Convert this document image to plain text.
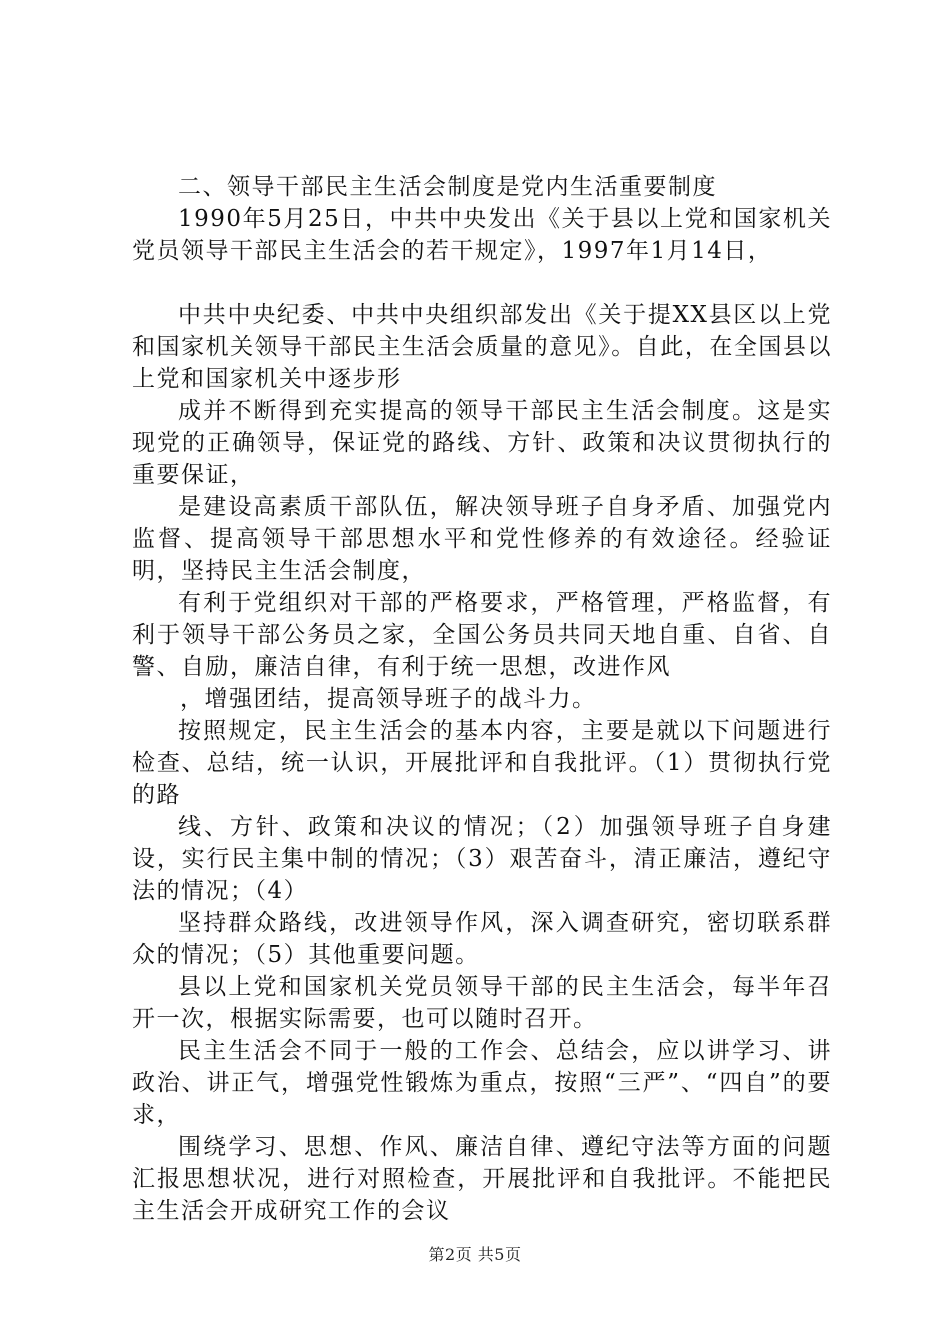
二、领导干部民主生活会制度是党内生活重要制度

1990年5月25日，中共中央发出《关于县以上党和国家机关党员领导干部民主生活会的若干规定》，1997年1月14日，

中共中央纪委、中共中央组织部发出《关于提XX县区以上党和国家机关领导干部民主生活会质量的意见》。自此，在全国县以上党和国家机关中逐步形

成并不断得到充实提高的领导干部民主生活会制度。这是实现党的正确领导，保证党的路线、方针、政策和决议贯彻执行的重要保证，

是建设高素质干部队伍，解决领导班子自身矛盾、加强党内监督、提高领导干部思想水平和党性修养的有效途径。经验证明，坚持民主生活会制度，

有利于党组织对干部的严格要求，严格管理，严格监督，有利于领导干部公务员之家，全国公务员共同天地自重、自省、自警、自励，廉洁自律，有利于统一思想，改进作风

，增强团结，提高领导班子的战斗力。

按照规定，民主生活会的基本内容，主要是就以下问题进行检查、总结，统一认识，开展批评和自我批评。（1）贯彻执行党的路

线、方针、政策和决议的情况；（2）加强领导班子自身建设，实行民主集中制的情况；（3）艰苦奋斗，清正廉洁，遵纪守法的情况；（4）

坚持群众路线，改进领导作风，深入调查研究，密切联系群众的情况；（5）其他重要问题。

县以上党和国家机关党员领导干部的民主生活会，每半年召开一次，根据实际需要，也可以随时召开。

民主生活会不同于一般的工作会、总结会，应以讲学习、讲政治、讲正气，增强党性锻炼为重点，按照“三严”、“四自”的要求，

围绕学习、思想、作风、廉洁自律、遵纪守法等方面的问题汇报思想状况，进行对照检查，开展批评和自我批评。不能把民主生活会开成研究工作的会议

第2页 共5页
